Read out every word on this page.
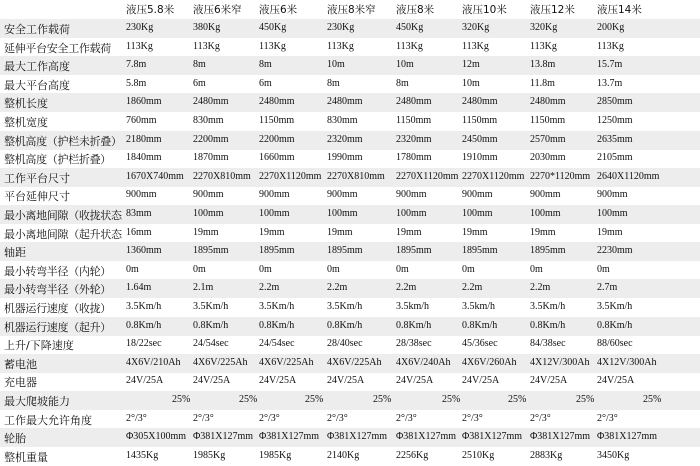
液压5.8米 液压6米窄 液压6米	液压8米窄 液压8米	液压10米 液压12米 液压14米
安全工作载荷	230Kg	380Kg	450Kg	230Kg	450Kg	320Kg	320Kg	200Kg
延伸平台安全工作载荷 113Kg	113Kg	113Kg	113Kg	113Kg	113Kg	113Kg	113Kg
最大工作高度	7.8m	8m	8m	10m	10m	12m	13.8m	15.7m
最大平台高度	5.8m	6m	6m	8m	8m	10m	11.8m	13.7m
整机长度	1860mm	2480mm	2480mm	2480mm	2480mm	2480mm	2480mm	2850mm
整机宽度	760mm	830mm	1150mm	830mm	1150mm	1150mm	1150mm	1250mm
整机高度（护栏未折叠） 2180mm	2200mm	2200mm	2320mm	2320mm	2450mm	2570mm	2635mm
整机高度（护栏折叠） 1840mm	1870mm	1660mm	1990mm	1780mm	1910mm	2030mm	2105mm
工作平台尺寸	1670X740mm 2270X810mm 2270X1120mm 2270X810mm 2270X1120mm 2270X1120mm 2270*1120mm 2640X1120mm
平台延伸尺寸	900mm	900mm	900mm	900mm	900mm	900mm	900mm	900mm
最小离地间隙（收拢状态 83mm	100mm	100mm	100mm	100mm	100mm	100mm	100mm
最小离地间隙（起升状态 16mm	19mm	19mm	19mm	19mm	19mm	19mm	19mm
轴距	1360mm	1895mm	1895mm	1895mm	1895mm	1895mm	1895mm	2230mm
最小转弯半径（内轮） 0m	0m	0m	0m	0m	0m	0m	0m
最小转弯半径（外轮） 1.64m	2.1m	2.2m	2.2m	2.2m	2.2m	2.2m	2.7m
机器运行速度（收拢） 3.5Km/h	3.5Km/h	3.5Km/h	3.5Km/h	3.5km/h	3.5km/h	3.5Km/h	3.5Km/h
机器运行速度（起升） 0.8Km/h	0.8Km/h	0.8Km/h	0.8Km/h	0.8Km/h	0.8Km/h	0.8Km/h	0.8Km/h
上升/下降速度	18/22sec	24/54sec	24/54sec	28/40sec	28/38sec	45/36sec	84/38sec	88/60sec
蓄电池	4X6V/210Ah 4X6V/225Ah 4X6V/225Ah 4X6V/225Ah 4X6V/240Ah 4X6V/260Ah 4X12V/300Ah 4X12V/300Ah
充电器	24V/25A	24V/25A	24V/25A	24V/25A	24V/25A	24V/25A	24V/25A	24V/25A
最大爬坡能力	25%	25%	25%	25%	25%	25%	25%	25%
工作最大允许角度	2°/3°	2°/3°	2°/3°	2°/3°	2°/3°	2°/3°	2°/3°	2°/3°
轮胎	Φ305X100mm Φ381X127mm Φ381X127mm Φ381X127mm Φ381X127mm Φ381X127mm Φ381X127mm Φ381X127mm
整机重量	1435Kg	1985Kg	1985Kg	2140Kg	2256Kg	2510Kg	2883Kg	3450Kg
